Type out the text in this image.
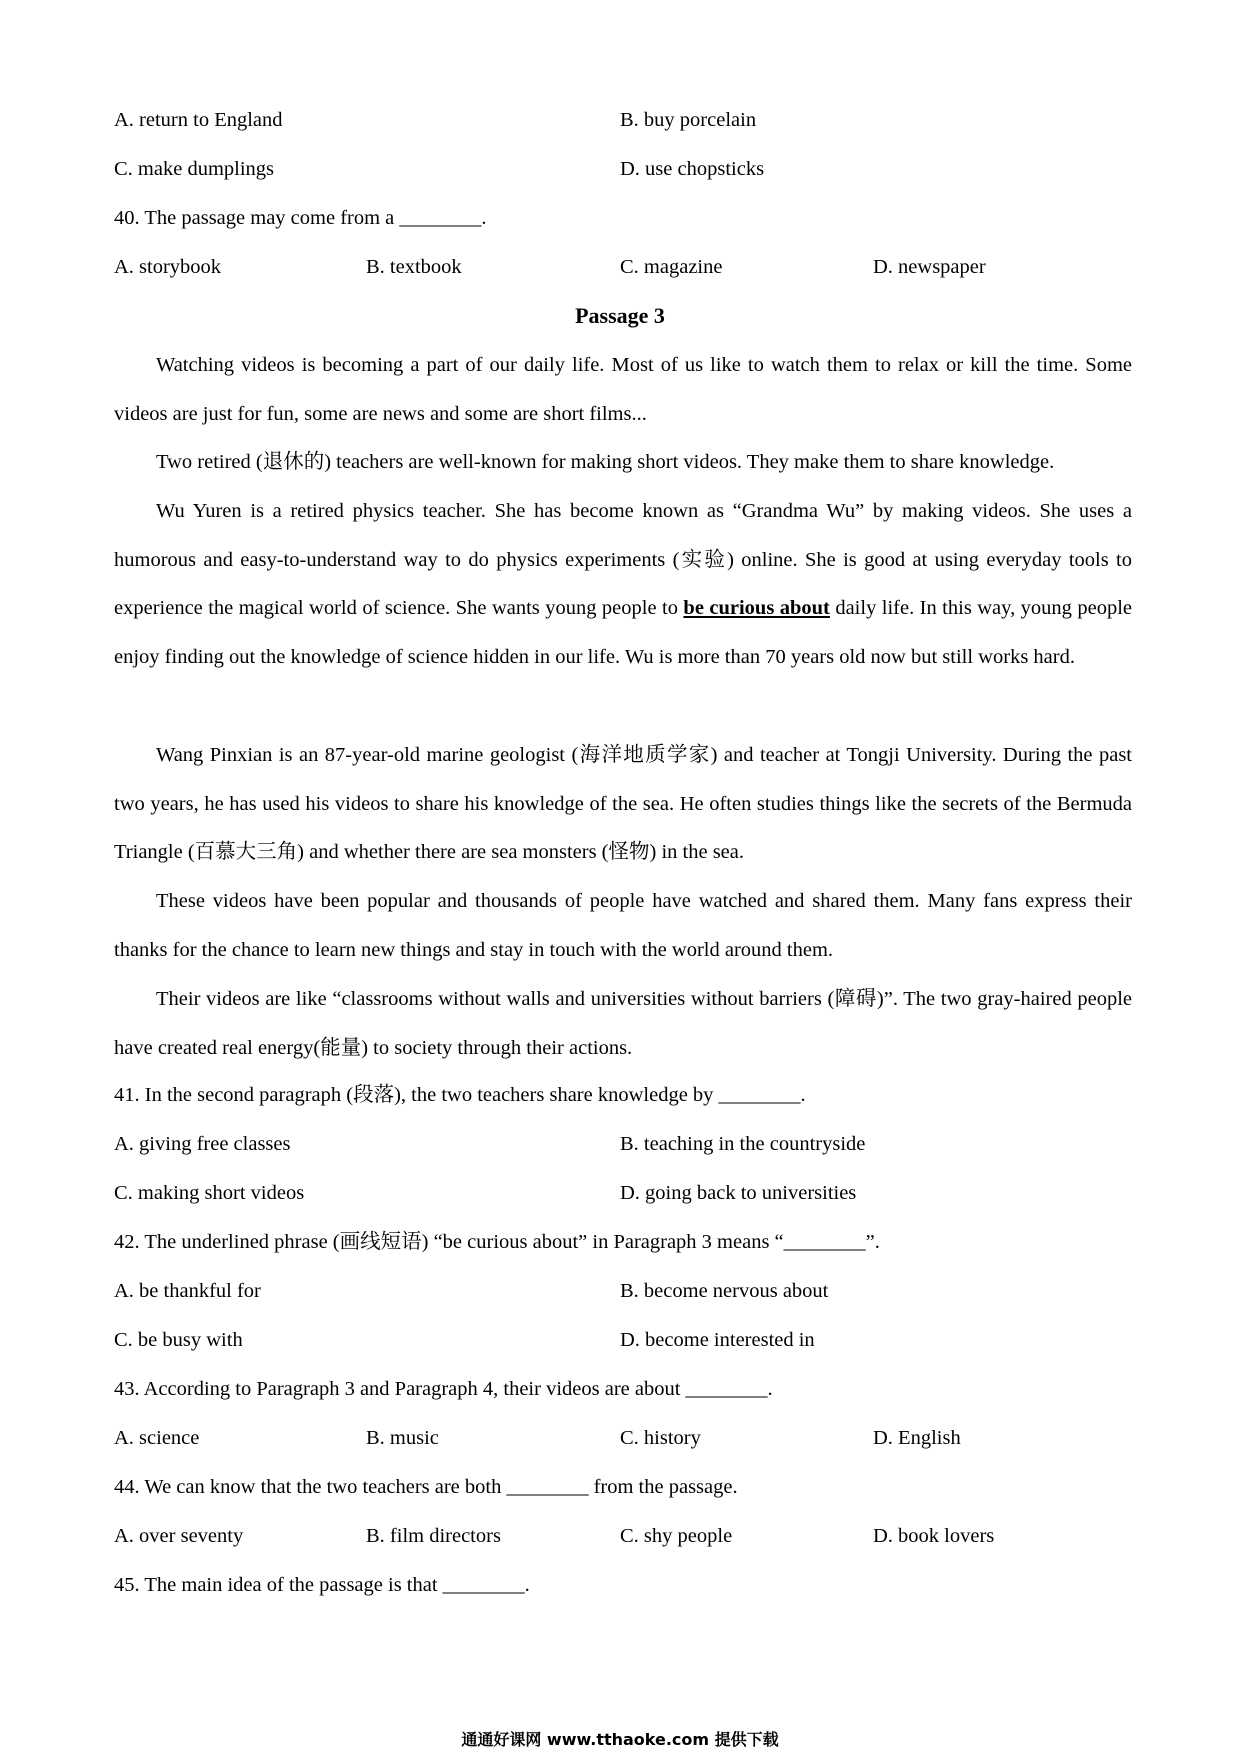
A. return to England	B. buy porcelain
C. make dumplings	D. use chopsticks
40. The passage may come from a ________.
A. storybook	B. textbook	C. magazine	D. newspaper
Passage 3
Watching videos is becoming a part of our daily life. Most of us like to watch them to relax or kill the time. Some videos are just for fun, some are news and some are short films...
Two retired (退休的) teachers are well-known for making short videos. They make them to share knowledge.
Wu Yuren is a retired physics teacher. She has become known as “Grandma Wu” by making videos. She uses a humorous and easy-to-understand way to do physics experiments (实验) online. She is good at using everyday tools to experience the magical world of science. She wants young people to be curious about daily life. In this way, young people enjoy finding out the knowledge of science hidden in our life. Wu is more than 70 years old now but still works hard.
Wang Pinxian is an 87-year-old marine geologist (海洋地质学家) and teacher at Tongji University. During the past two years, he has used his videos to share his knowledge of the sea. He often studies things like the secrets of the Bermuda Triangle (百慕大三角) and whether there are sea monsters (怪物) in the sea.
These videos have been popular and thousands of people have watched and shared them. Many fans express their thanks for the chance to learn new things and stay in touch with the world around them.
Their videos are like “classrooms without walls and universities without barriers (障碍)”. The two gray-haired people have created real energy(能量) to society through their actions.
41. In the second paragraph (段落), the two teachers share knowledge by ________.
A. giving free classes	B. teaching in the countryside
C. making short videos	D. going back to universities
42. The underlined phrase (画线短语) “be curious about” in Paragraph 3 means “________”.
A. be thankful for	B. become nervous about
C. be busy with	D. become interested in
43. According to Paragraph 3 and Paragraph 4, their videos are about ________.
A. science	B. music	C. history	D. English
44. We can know that the two teachers are both ________ from the passage.
A. over seventy	B. film directors	C. shy people	D. book lovers
45. The main idea of the passage is that ________.
通通好课网 www.tthaoke.com 提供下载
